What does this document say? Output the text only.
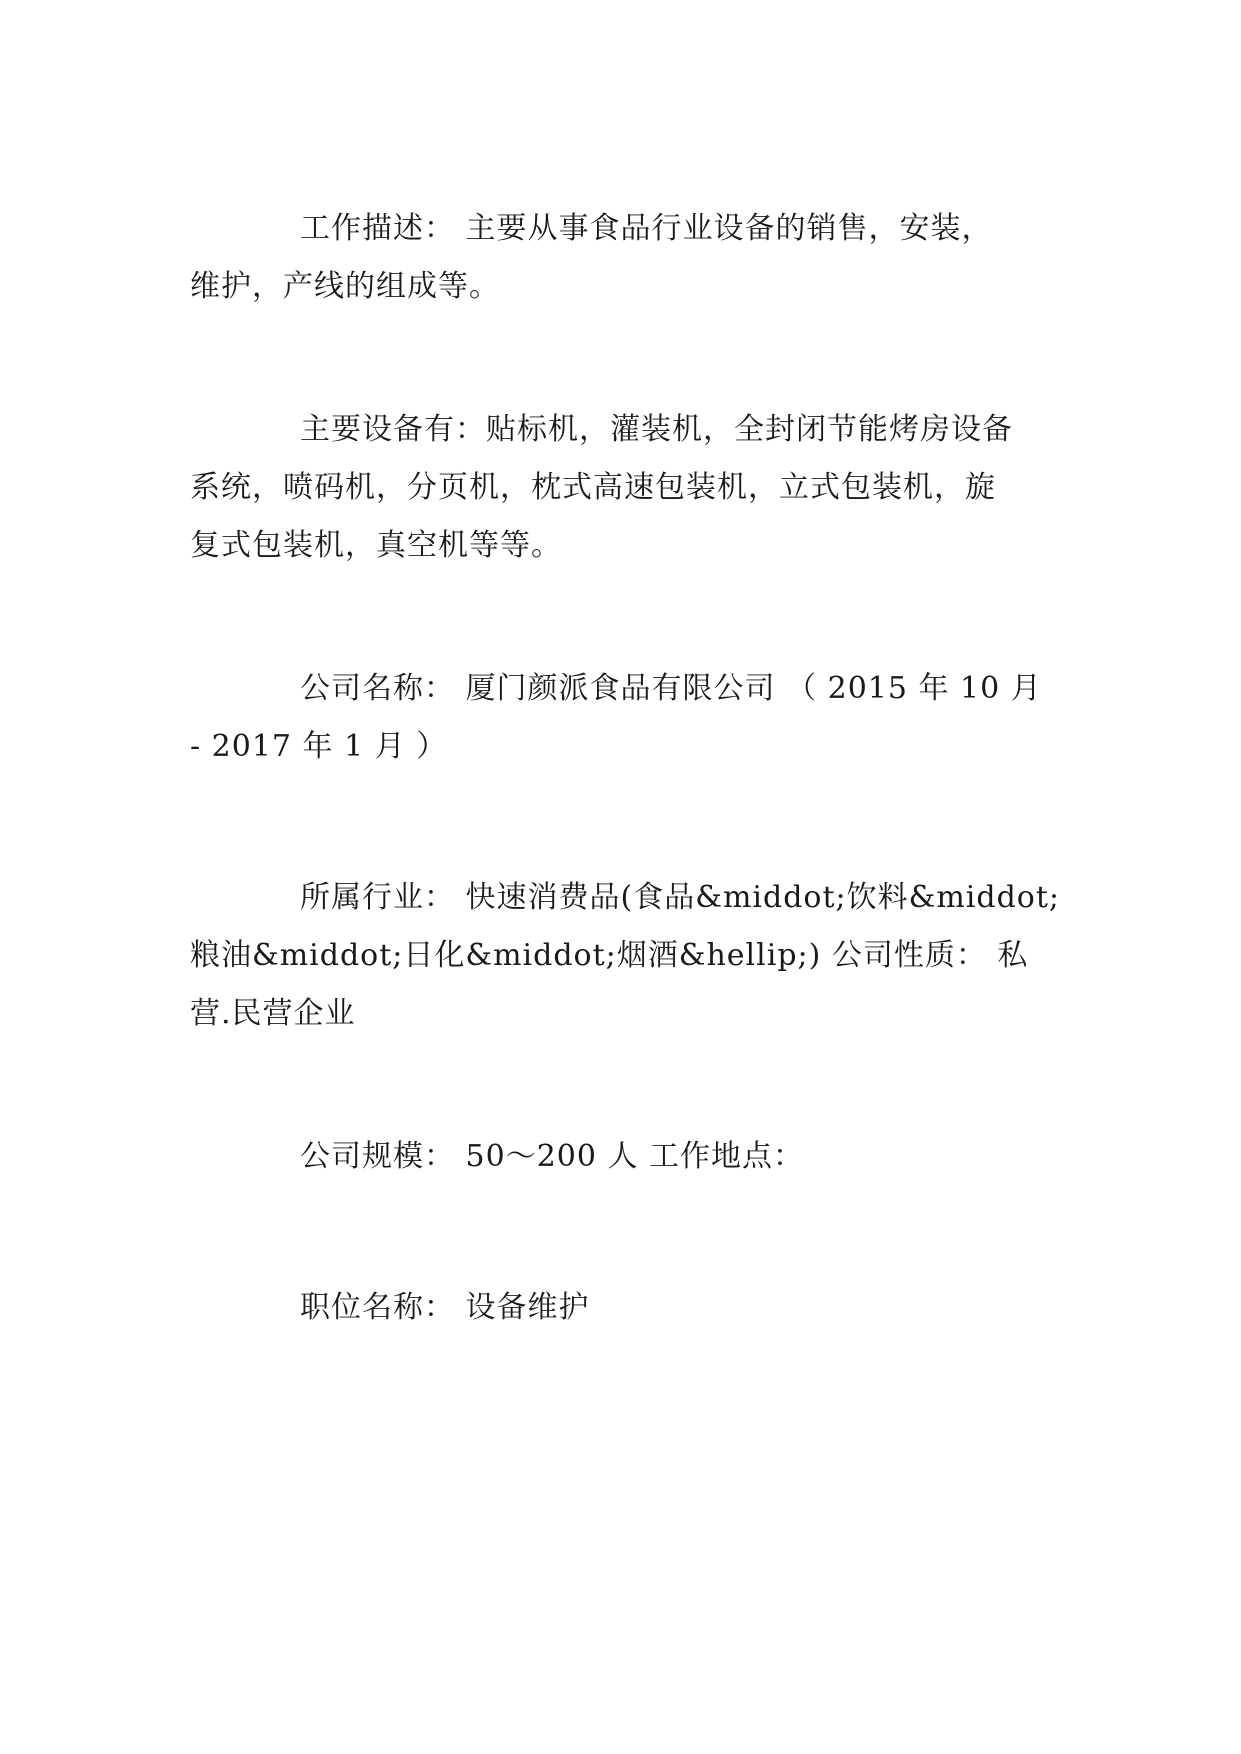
工作描述： 主要从事食品行业设备的销售，安装，
维护，产线的组成等。
主要设备有：贴标机，灌装机，全封闭节能烤房设备
系统，喷码机，分页机，枕式高速包装机，立式包装机，旋
复式包装机，真空机等等。
公司名称： 厦门颜派食品有限公司 （ 2015 年 10 月
- 2017 年 1 月 ）
所属行业： 快速消费品(食品&middot;饮料&middot;
粮油&middot;日化&middot;烟酒&hellip;) 公司性质： 私
营.民营企业
公司规模： 50～200 人 工作地点：
职位名称： 设备维护
